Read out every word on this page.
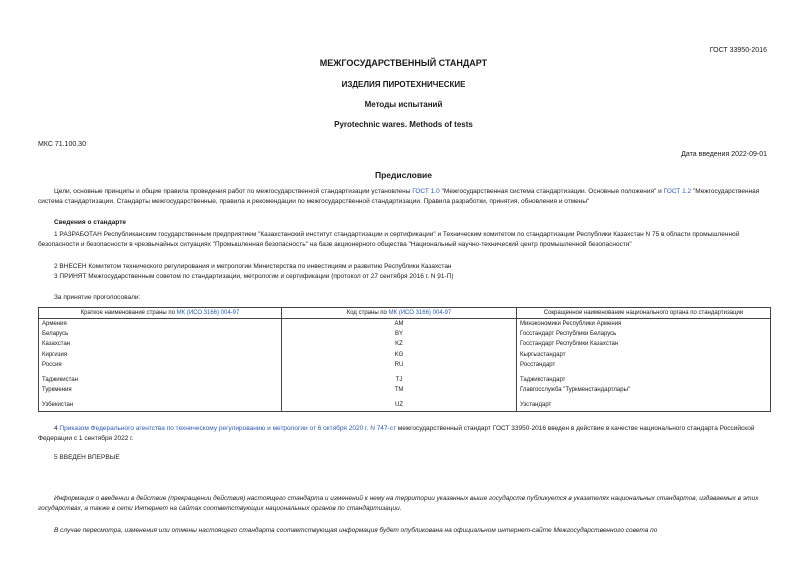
ГОСТ 33950-2016
МЕЖГОСУДАРСТВЕННЫЙ СТАНДАРТ
ИЗДЕЛИЯ ПИРОТЕХНИЧЕСКИЕ
Методы испытаний
Pyrotechnic wares. Methods of tests
МКС 71.100.30
Дата введения 2022-09-01
Предисловие
Цели, основные принципы и общие правила проведения работ по межгосударственной стандартизации установлены ГОСТ 1.0 "Межгосударственная система стандартизации. Основные положения" и ГОСТ 1.2 "Межгосударственная система стандартизации. Стандарты межгосударственные, правила и рекомендации по межгосударственной стандартизации. Правила разработки, принятия, обновления и отмены"
Сведения о стандарте
1 РАЗРАБОТАН Республиканским государственным предприятием "Казахстанский институт стандартизации и сертификации" и Техническим комитетом по стандартизации Республики Казахстан N 75 в области промышленной безопасности и безопасности в чрезвычайных ситуациях "Промышленная безопасность" на базе акционерного общества "Национальный научно-технический центр промышленной безопасности"
2 ВНЕСЕН Комитетом технического регулирования и метрологии Министерства по инвестициям и развитию Республики Казахстан
3 ПРИНЯТ Межгосударственным советом по стандартизации, метрологии и сертификации (протокол от 27 сентября 2016 г. N 91-П)
За принятие проголосовали:
Краткое наименование страны по МК (ИСО 3166) 004-97	Код страны по МК (ИСО 3166) 004-97	Сокращенное наименование национального органа по стандартизации
Армения	AM	Минэкономики Республики Армения
Беларусь	BY	Госстандарт Республики Беларусь
Казахстан	KZ	Госстандарт Республики Казахстан
Киргизия	KG	Кыргызстандарт
Россия	RU	Росстандарт

Таджикистан	TJ	Таджикстандарт
Туркмения	TM	Главгосслужба "Туркменстандартлары"

Узбекистан	UZ	Узстандарт
4 Приказом Федерального агентства по техническому регулированию и метрологии от 6 октября 2020 г. N 747-ст межгосударственный стандарт ГОСТ 33950-2016 введен в действие в качестве национального стандарта Российской Федерации с 1 сентября 2022 г.
5 ВВЕДЕН ВПЕРВЫЕ
Информация о введении в действие (прекращении действия) настоящего стандарта и изменений к нему на территории указанных выше государств публикуется в указателях национальных стандартов, издаваемых в этих государствах, а также в сети Интернет на сайтах соответствующих национальных органов по стандартизации.
В случае пересмотра, изменения или отмены настоящего стандарта соответствующая информация будет опубликована на официальном интернет-сайте Межгосударственного совета по
